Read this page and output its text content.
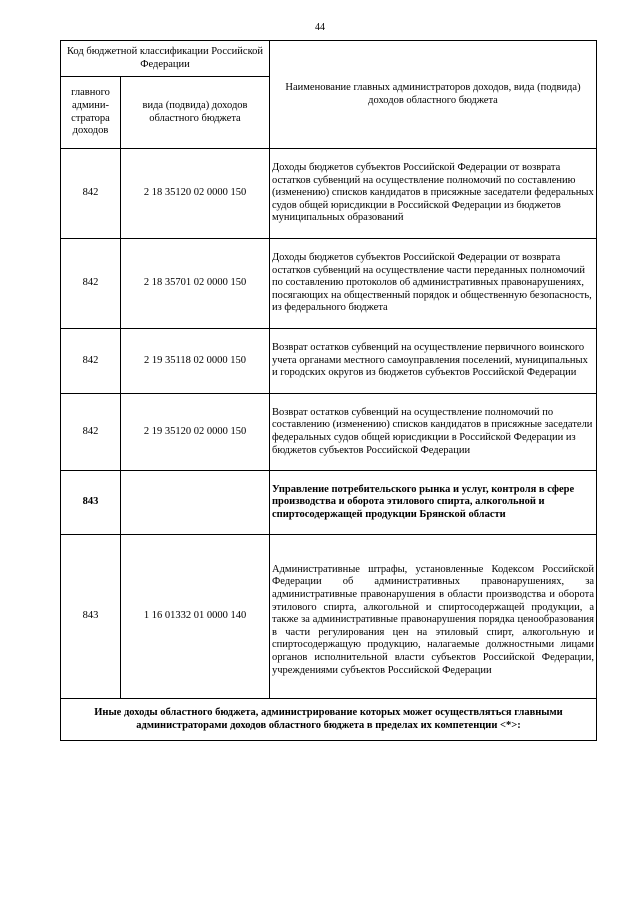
44
Код бюджетной классификации Российской Федерации		Наименование главных администраторов доходов, вида (подвида) доходов областного бюджета
главного админи-стратора доходов	вида (подвида) доходов областного бюджета	
842	2 18 35120 02 0000 150	Доходы бюджетов субъектов Российской Федерации от возврата остатков субвенций на осуществление полномочий по составлению (изменению) списков кандидатов в присяжные заседатели федеральных судов общей юрисдикции в Российской Федерации из бюджетов муниципальных образований
842	2 18 35701 02 0000 150	Доходы бюджетов субъектов Российской Федерации от возврата остатков субвенций на осуществление части переданных полномочий по составлению протоколов об административных правонарушениях, посягающих на общественный порядок и общественную безопасность, из федерального бюджета
842	2 19 35118 02 0000 150	Возврат остатков субвенций на осуществление первичного воинского учета органами местного самоуправления поселений, муниципальных и городских округов из бюджетов субъектов Российской Федерации
842	2 19 35120 02 0000 150	Возврат остатков субвенций на осуществление полномочий по составлению (изменению) списков кандидатов в присяжные заседатели федеральных судов общей юрисдикции в Российской Федерации из бюджетов субъектов Российской Федерации
843		Управление потребительского рынка и услуг, контроля в сфере производства и оборота этилового спирта, алкогольной и спиртосодержащей продукции Брянской области
843	1 16 01332 01 0000 140	Административные штрафы, установленные Кодексом Российской Федерации об административных правонарушениях, за административные правонарушения в области производства и оборота этилового спирта, алкогольной и спиртосодержащей продукции, а также за административные правонарушения порядка ценообразования в части регулирования цен на этиловый спирт, алкогольную и спиртосодержащую продукцию, налагаемые должностными лицами органов исполнительной власти субъектов Российской Федерации, учреждениями субъектов Российской Федерации
Иные доходы областного бюджета, администрирование которых может осуществляться главными администраторами доходов областного бюджета в пределах их компетенции <*>:		
